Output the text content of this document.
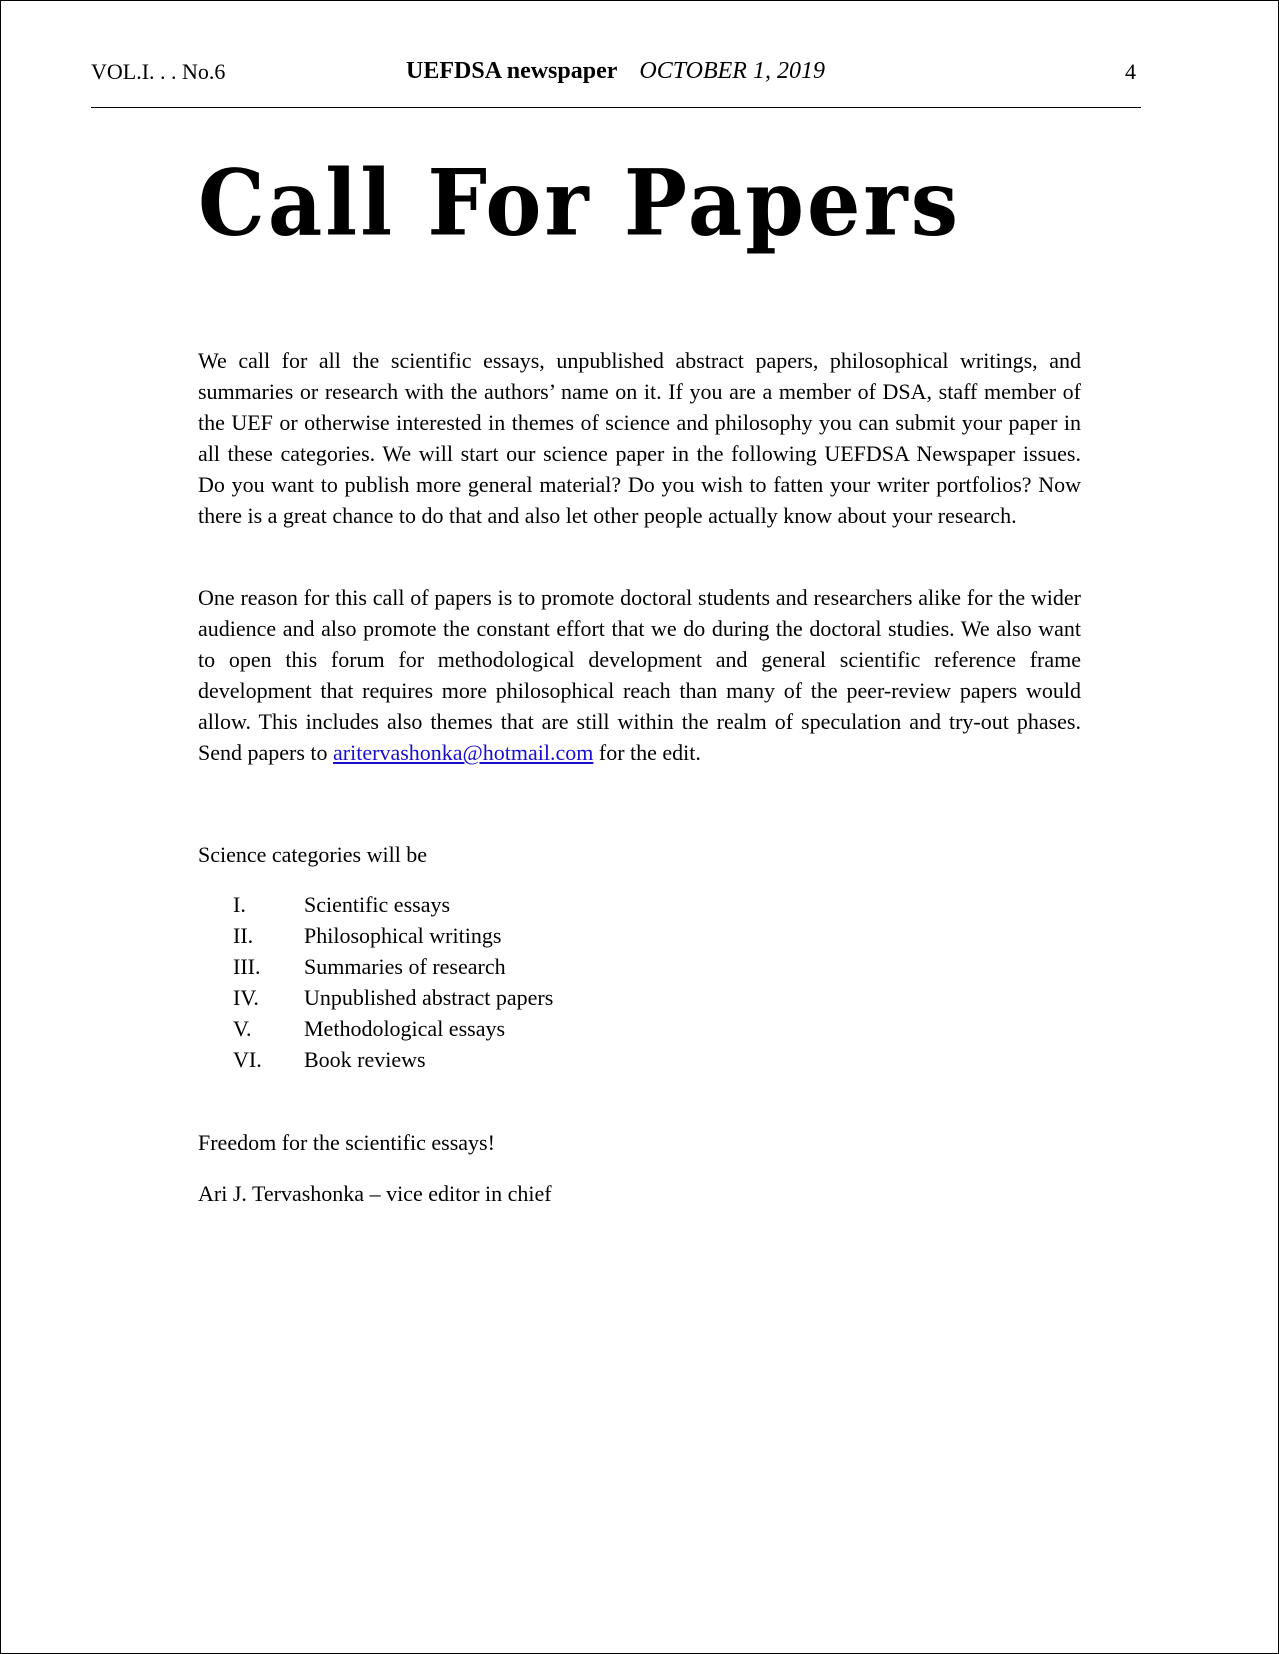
VOL.I. . . No.6	UEFDSA newspaper OCTOBER 1, 2019	4
Call For Papers

We call for all the scientific essays, unpublished abstract papers, philosophical writings, and summaries or research with the authors’ name on it. If you are a member of DSA, staff member of the UEF or otherwise interested in themes of science and philosophy you can submit your paper in all these categories. We will start our science paper in the following UEFDSA Newspaper issues. Do you want to publish more general material? Do you wish to fatten your writer portfolios? Now there is a great chance to do that and also let other people actually know about your research.

One reason for this call of papers is to promote doctoral students and researchers alike for the wider audience and also promote the constant effort that we do during the doctoral studies. We also want to open this forum for methodological development and general scientific reference frame development that requires more philosophical reach than many of the peer-review papers would allow. This includes also themes that are still within the realm of speculation and try-out phases. Send papers to aritervashonka@hotmail.com for the edit.

Science categories will be
I.	Scientific essays
II. Philosophical writings
III. Summaries of research
IV. Unpublished abstract papers
V. Methodological essays
VI. Book reviews
Freedom for the scientific essays!
Ari J. Tervashonka – vice editor in chief
